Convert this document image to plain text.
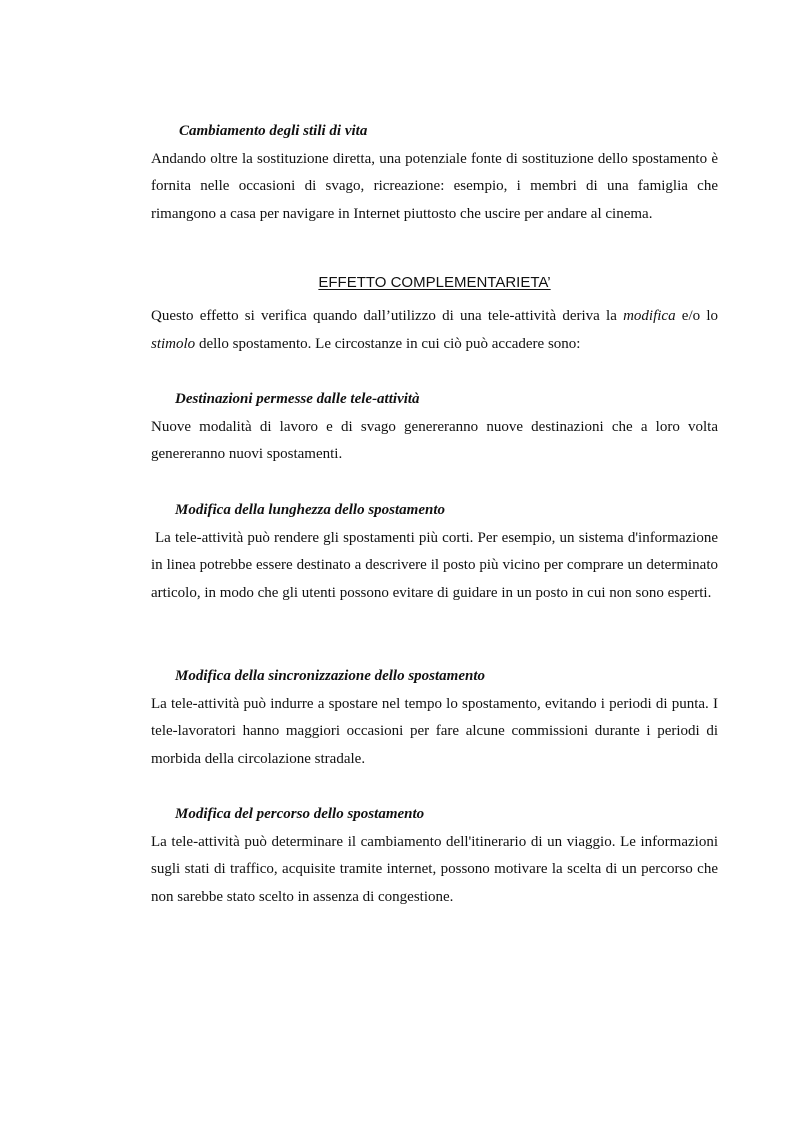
Cambiamento degli stili di vita
Andando oltre la sostituzione diretta, una potenziale fonte di sostituzione dello spostamento è fornita nelle occasioni di svago, ricreazione: esempio, i membri di una famiglia che rimangono a casa per navigare in Internet piuttosto che uscire per andare al cinema.
EFFETTO COMPLEMENTARIETA’
Questo effetto si verifica quando dall’utilizzo di una tele-attività deriva la modifica e/o lo stimolo dello spostamento. Le circostanze in cui ciò può accadere sono:
Destinazioni permesse dalle tele-attività
Nuove modalità di lavoro e di svago genereranno nuove destinazioni che a loro volta genereranno nuovi spostamenti.
Modifica della lunghezza dello spostamento
La tele-attività può rendere gli spostamenti più corti. Per esempio, un sistema d'informazione in linea potrebbe essere destinato a descrivere il posto più vicino per comprare un determinato articolo, in modo che gli utenti possono evitare di guidare in un posto in cui non sono esperti.
Modifica della sincronizzazione dello spostamento
La tele-attività può indurre a spostare nel tempo lo spostamento, evitando i periodi di punta. I tele-lavoratori hanno maggiori occasioni per fare alcune commissioni durante i periodi di morbida della circolazione stradale.
Modifica del percorso dello spostamento
La tele-attività può determinare il cambiamento dell'itinerario di un viaggio. Le informazioni sugli stati di traffico, acquisite tramite internet, possono motivare la scelta di un percorso che non sarebbe stato scelto in assenza di congestione.
